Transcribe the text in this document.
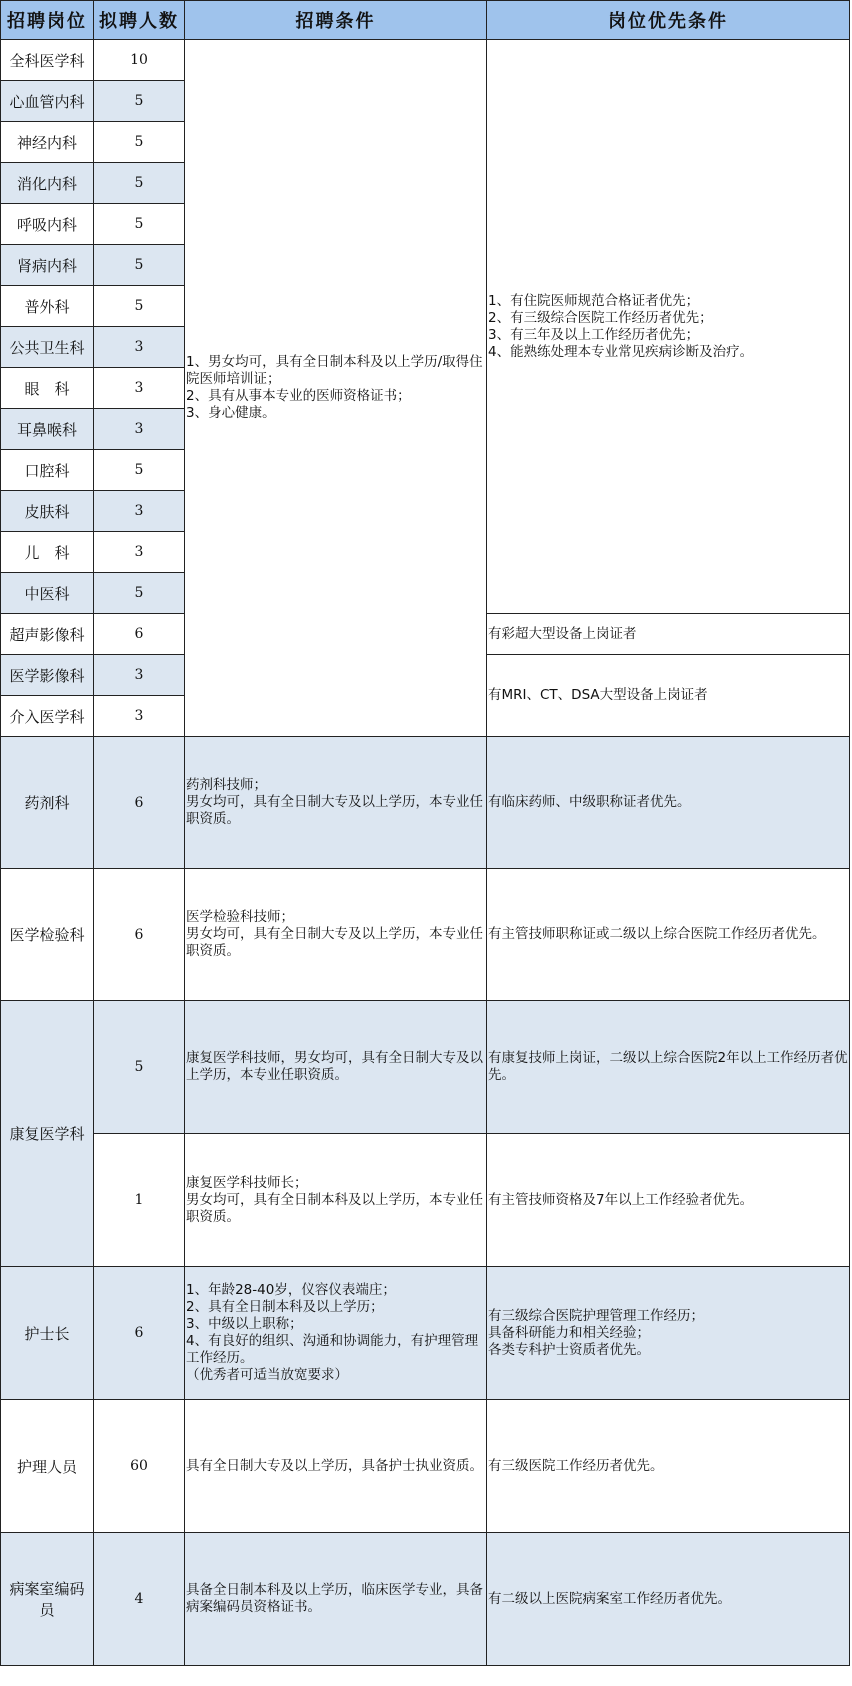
招聘岗位	拟聘人数	招聘条件	岗位优先条件
全科医学科	10	1、男女均可，具有全日制本科及以上学历/取得住院医师培训证；
2、具有从事本专业的医师资格证书；
3、身心健康。	1、有住院医师规范合格证者优先；
2、有三级综合医院工作经历者优先；
3、有三年及以上工作经历者优先；
4、能熟练处理本专业常见疾病诊断及治疗。
心血管内科	5		
神经内科	5		
消化内科	5		
呼吸内科	5		
肾病内科	5		
普外科	5		
公共卫生科	3		
眼　科	3		
耳鼻喉科	3		
口腔科	5		
皮肤科	3		
儿　科	3		
中医科	5		
超声影像科	6		有彩超大型设备上岗证者
医学影像科	3		有MRI、CT、DSA大型设备上岗证者
介入医学科	3		
药剂科	6	药剂科技师；
男女均可，具有全日制大专及以上学历，本专业任职资质。	有临床药师、中级职称证者优先。
医学检验科	6	医学检验科技师；
男女均可，具有全日制大专及以上学历，本专业任职资质。	有主管技师职称证或二级以上综合医院工作经历者优先。
康复医学科	5	康复医学科技师，男女均可，具有全日制大专及以上学历，本专业任职资质。	有康复技师上岗证，二级以上综合医院2年以上工作经历者优先。
	1	康复医学科技师长；
男女均可，具有全日制本科及以上学历，本专业任职资质。	有主管技师资格及7年以上工作经验者优先。
护士长	6	1、年龄28-40岁，仪容仪表端庄；
2、具有全日制本科及以上学历；
3、中级以上职称；
4、有良好的组织、沟通和协调能力，有护理管理工作经历。
（优秀者可适当放宽要求）	有三级综合医院护理管理工作经历；
具备科研能力和相关经验；
各类专科护士资质者优先。
护理人员	60	具有全日制大专及以上学历，具备护士执业资质。	有三级医院工作经历者优先。
病案室编码员	4	具备全日制本科及以上学历，临床医学专业，具备病案编码员资格证书。	有二级以上医院病案室工作经历者优先。
